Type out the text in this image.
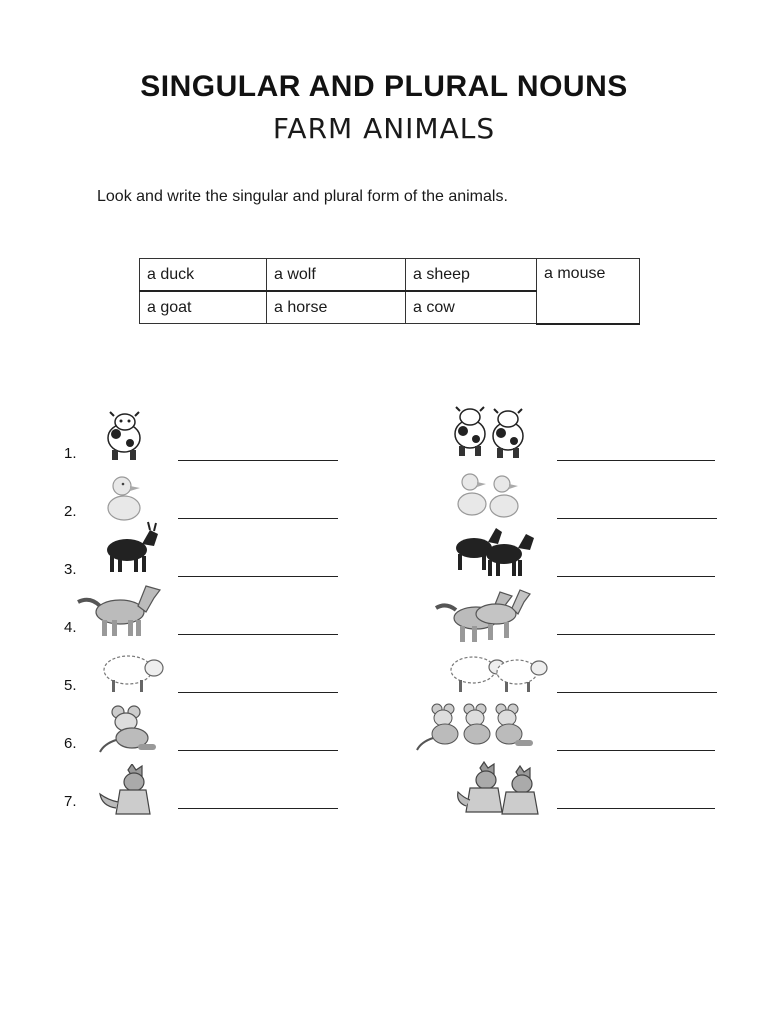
SINGULAR AND PLURAL NOUNS
FARM ANIMALS
Look and write the singular and plural form of the animals.
a duck	a wolf	a sheep	a mouse
a goat	a horse	a cow	
1.
2.
3.
4.
5.
6.
7.
